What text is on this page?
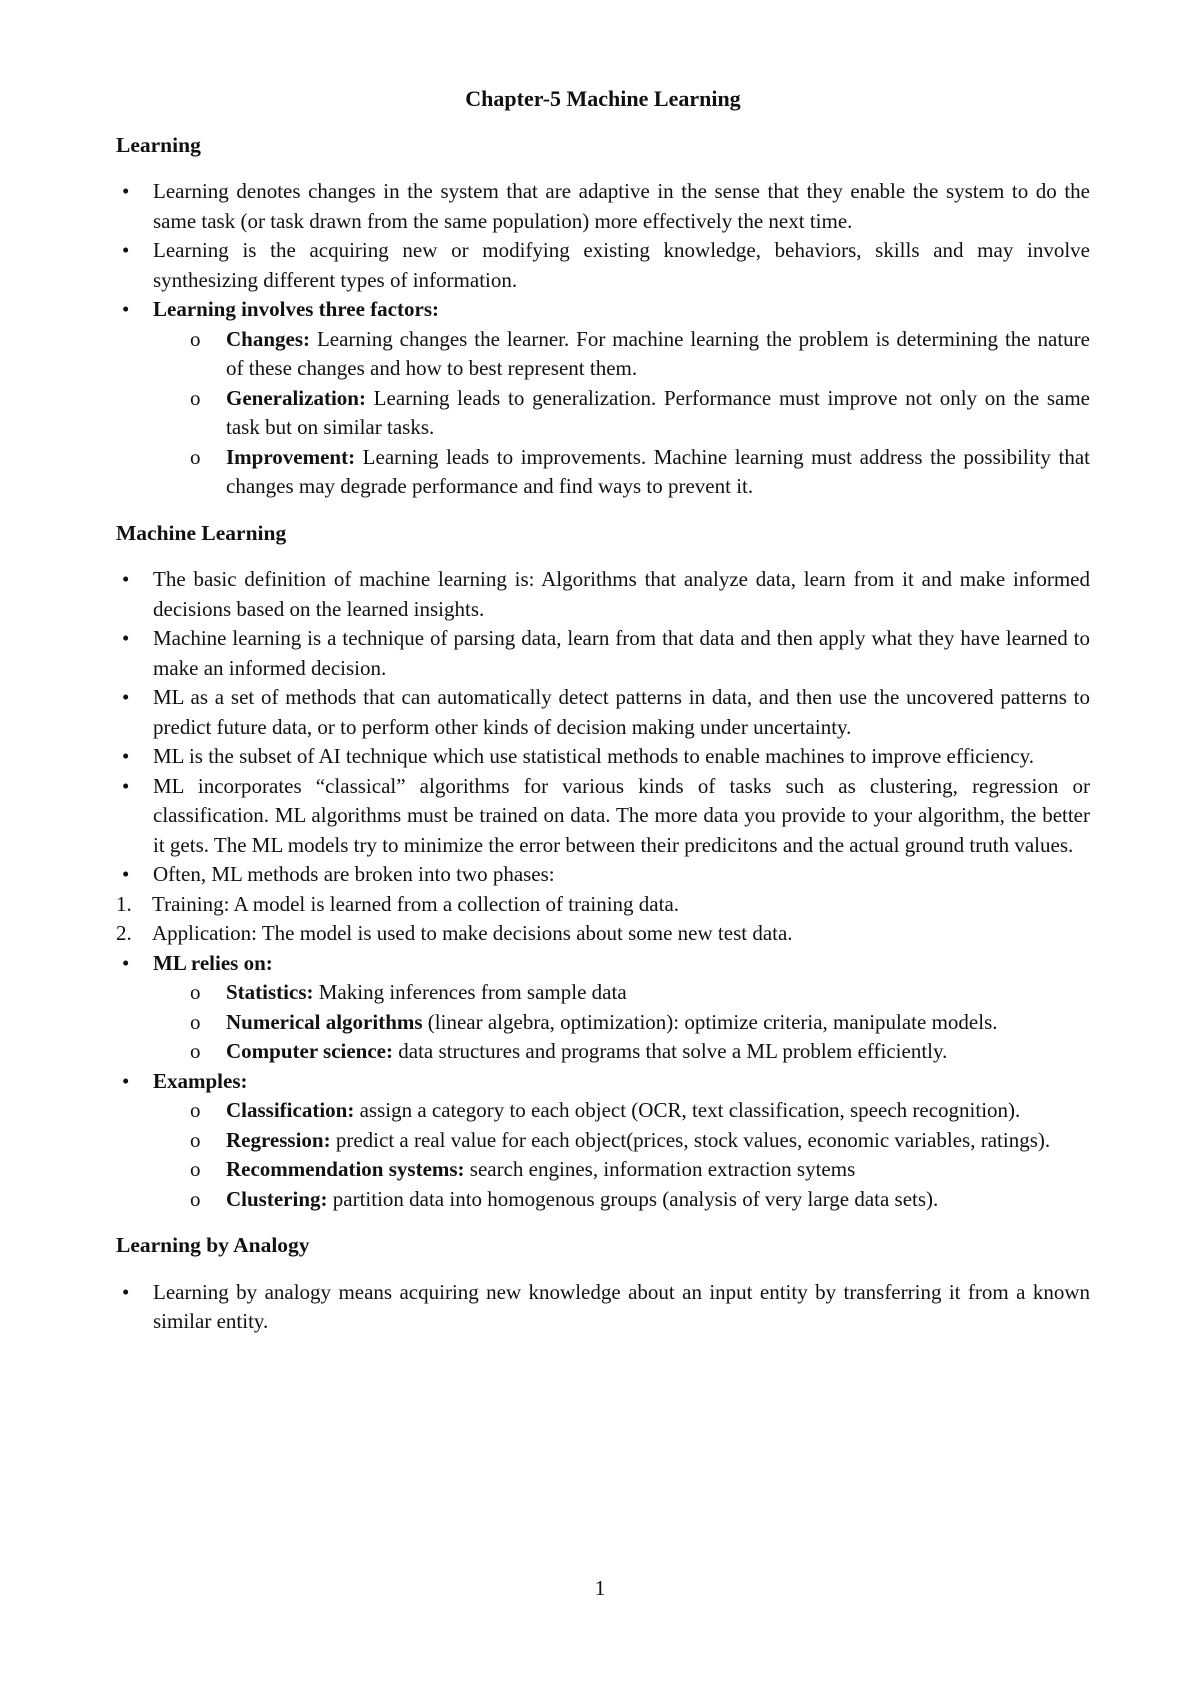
Chapter-5 Machine Learning
Learning
• Learning denotes changes in the system that are adaptive in the sense that they enable the system to do the same task (or task drawn from the same population) more effectively the next time.
• Learning is the acquiring new or modifying existing knowledge, behaviors, skills and may involve synthesizing different types of information.
• Learning involves three factors:
o Changes: Learning changes the learner. For machine learning the problem is determining the nature of these changes and how to best represent them.
o Generalization: Learning leads to generalization. Performance must improve not only on the same task but on similar tasks.
o Improvement: Learning leads to improvements. Machine learning must address the possibility that changes may degrade performance and find ways to prevent it.
Machine Learning
• The basic definition of machine learning is: Algorithms that analyze data, learn from it and make informed decisions based on the learned insights.
• Machine learning is a technique of parsing data, learn from that data and then apply what they have learned to make an informed decision.
• ML as a set of methods that can automatically detect patterns in data, and then use the uncovered patterns to predict future data, or to perform other kinds of decision making under uncertainty.
• ML is the subset of AI technique which use statistical methods to enable machines to improve efficiency.
• ML incorporates “classical” algorithms for various kinds of tasks such as clustering, regression or classification. ML algorithms must be trained on data. The more data you provide to your algorithm, the better it gets. The ML models try to minimize the error between their predicitons and the actual ground truth values.
• Often, ML methods are broken into two phases:
1. Training: A model is learned from a collection of training data.
2. Application: The model is used to make decisions about some new test data.
• ML relies on:
o Statistics: Making inferences from sample data
o Numerical algorithms (linear algebra, optimization): optimize criteria, manipulate models.
o Computer science: data structures and programs that solve a ML problem efficiently.
• Examples:
o Classification: assign a category to each object (OCR, text classification, speech recognition).
o Regression: predict a real value for each object(prices, stock values, economic variables, ratings).
o Recommendation systems: search engines, information extraction sytems
o Clustering: partition data into homogenous groups (analysis of very large data sets).
Learning by Analogy
• Learning by analogy means acquiring new knowledge about an input entity by transferring it from a known similar entity.
1
